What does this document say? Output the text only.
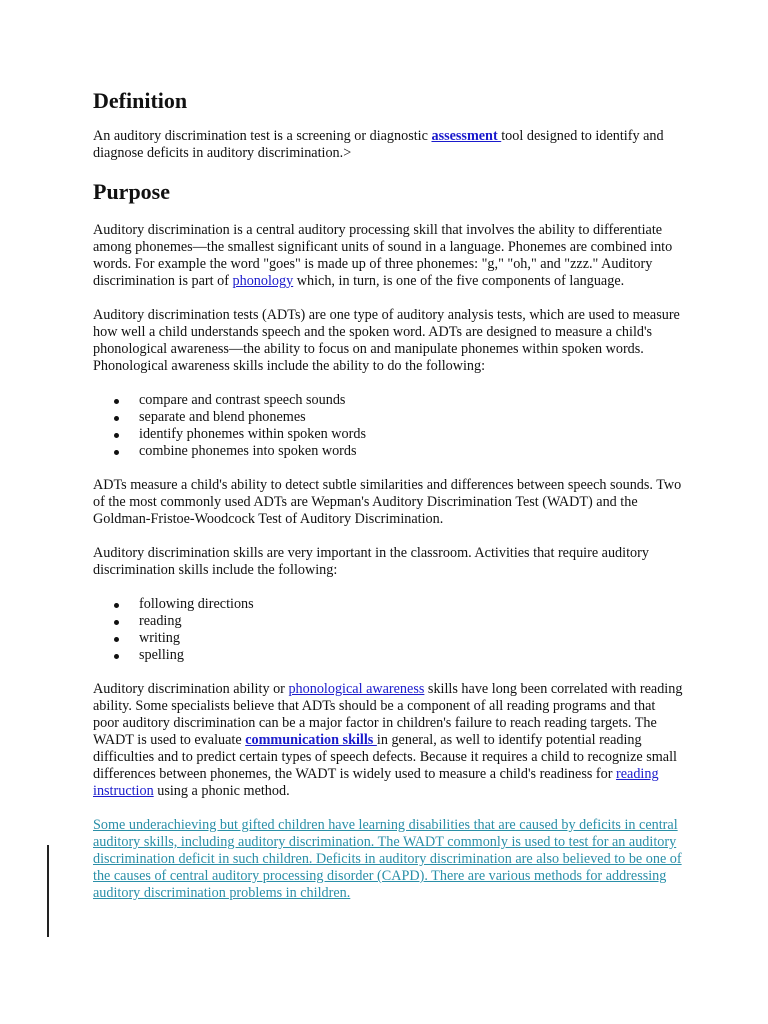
Definition

An auditory discrimination test is a screening or diagnostic assessment tool designed to identify and diagnose deficits in auditory discrimination.>

Purpose

Auditory discrimination is a central auditory processing skill that involves the ability to differentiate among phonemes—the smallest significant units of sound in a language. Phonemes are combined into words. For example the word "goes" is made up of three phonemes: "g," "oh," and "zzz." Auditory discrimination is part of phonology which, in turn, is one of the five components of language.

Auditory discrimination tests (ADTs) are one type of auditory analysis tests, which are used to measure how well a child understands speech and the spoken word. ADTs are designed to measure a child's phonological awareness—the ability to focus on and manipulate phonemes within spoken words. Phonological awareness skills include the ability to do the following:

compare and contrast speech sounds
separate and blend phonemes
identify phonemes within spoken words
combine phonemes into spoken words

ADTs measure a child's ability to detect subtle similarities and differences between speech sounds. Two of the most commonly used ADTs are Wepman's Auditory Discrimination Test (WADT) and the Goldman-Fristoe-Woodcock Test of Auditory Discrimination.

Auditory discrimination skills are very important in the classroom. Activities that require auditory discrimination skills include the following:

following directions
reading
writing
spelling

Auditory discrimination ability or phonological awareness skills have long been correlated with reading ability. Some specialists believe that ADTs should be a component of all reading programs and that poor auditory discrimination can be a major factor in children's failure to reach reading targets. The WADT is used to evaluate communication skills in general, as well to identify potential reading difficulties and to predict certain types of speech defects. Because it requires a child to recognize small differences between phonemes, the WADT is widely used to measure a child's readiness for reading instruction using a phonic method.

Some underachieving but gifted children have learning disabilities that are caused by deficits in central auditory skills, including auditory discrimination. The WADT commonly is used to test for an auditory discrimination deficit in such children. Deficits in auditory discrimination are also believed to be one of the causes of central auditory processing disorder (CAPD). There are various methods for addressing auditory discrimination problems in children.
